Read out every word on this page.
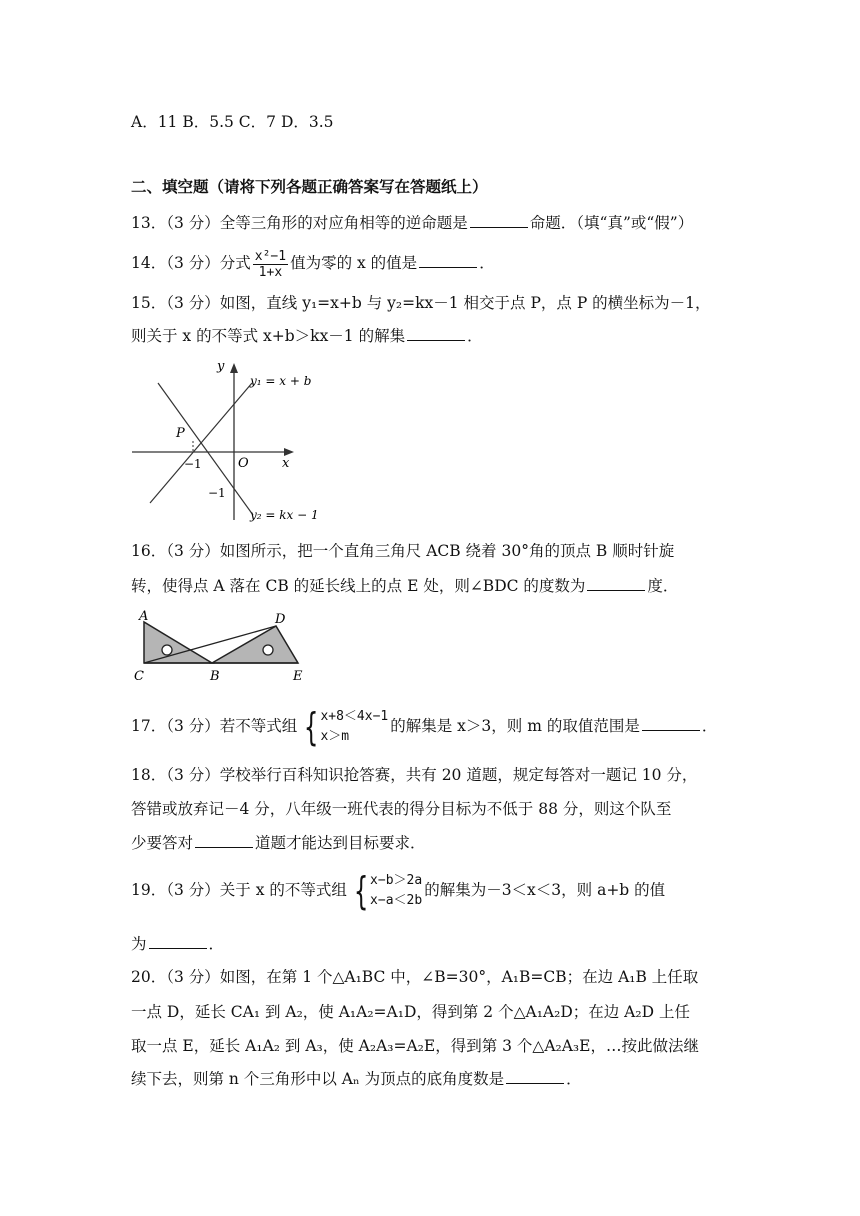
A．11 B．5.5 C．7 D．3.5
二、填空题（请将下列各题正确答案写在答题纸上）
13．（3 分）全等三角形的对应角相等的逆命题是	命题．（填“真”或“假”）
14．（3 分）分式 $\frac{\text{x²−1}}{1+x}$ 值为零的 x 的值是	．
15．（3 分）如图，直线 y₁=x+b 与 y₂=kx－1 相交于点 P，点 P 的横坐标为－1，
则关于 x 的不等式 x+b＞kx－1 的解集	．
P
−1	O	x
y
−1
y₁ = x + b
y₂ = kx − 1
16．（3 分）如图所示，把一个直角三角尺 ACB 绕着 30°角的顶点 B 顺时针旋
转，使得点 A 落在 CB 的延长线上的点 E 处，则∠BDC 的度数为	度．
A
C	B
D
E
17．（3 分）若不等式组 { x+8＜4x−1
x＞m
的解集是 x＞3，则 m 的取值范围是	．
18．（3 分）学校举行百科知识抢答赛，共有 20 道题，规定每答对一题记 10 分，
答错或放弃记－4 分，八年级一班代表的得分目标为不低于 88 分，则这个队至
少要答对	道题才能达到目标要求．
19．（3 分）关于 x 的不等式组 { x−b＞2a
x−a＜2b
的解集为－3＜x＜3，则 a+b 的值
为	．
20．（3 分）如图，在第 1 个△A₁BC 中，∠B=30°，A₁B=CB；在边 A₁B 上任取
一点 D，延长 CA₁ 到 A₂，使 A₁A₂=A₁D，得到第 2 个△A₁A₂D；在边 A₂D 上任
取一点 E，延长 A₁A₂ 到 A₃，使 A₂A₃=A₂E，得到第 3 个△A₂A₃E，…按此做法继
续下去，则第 n 个三角形中以 Aₙ 为顶点的底角度数是	．
